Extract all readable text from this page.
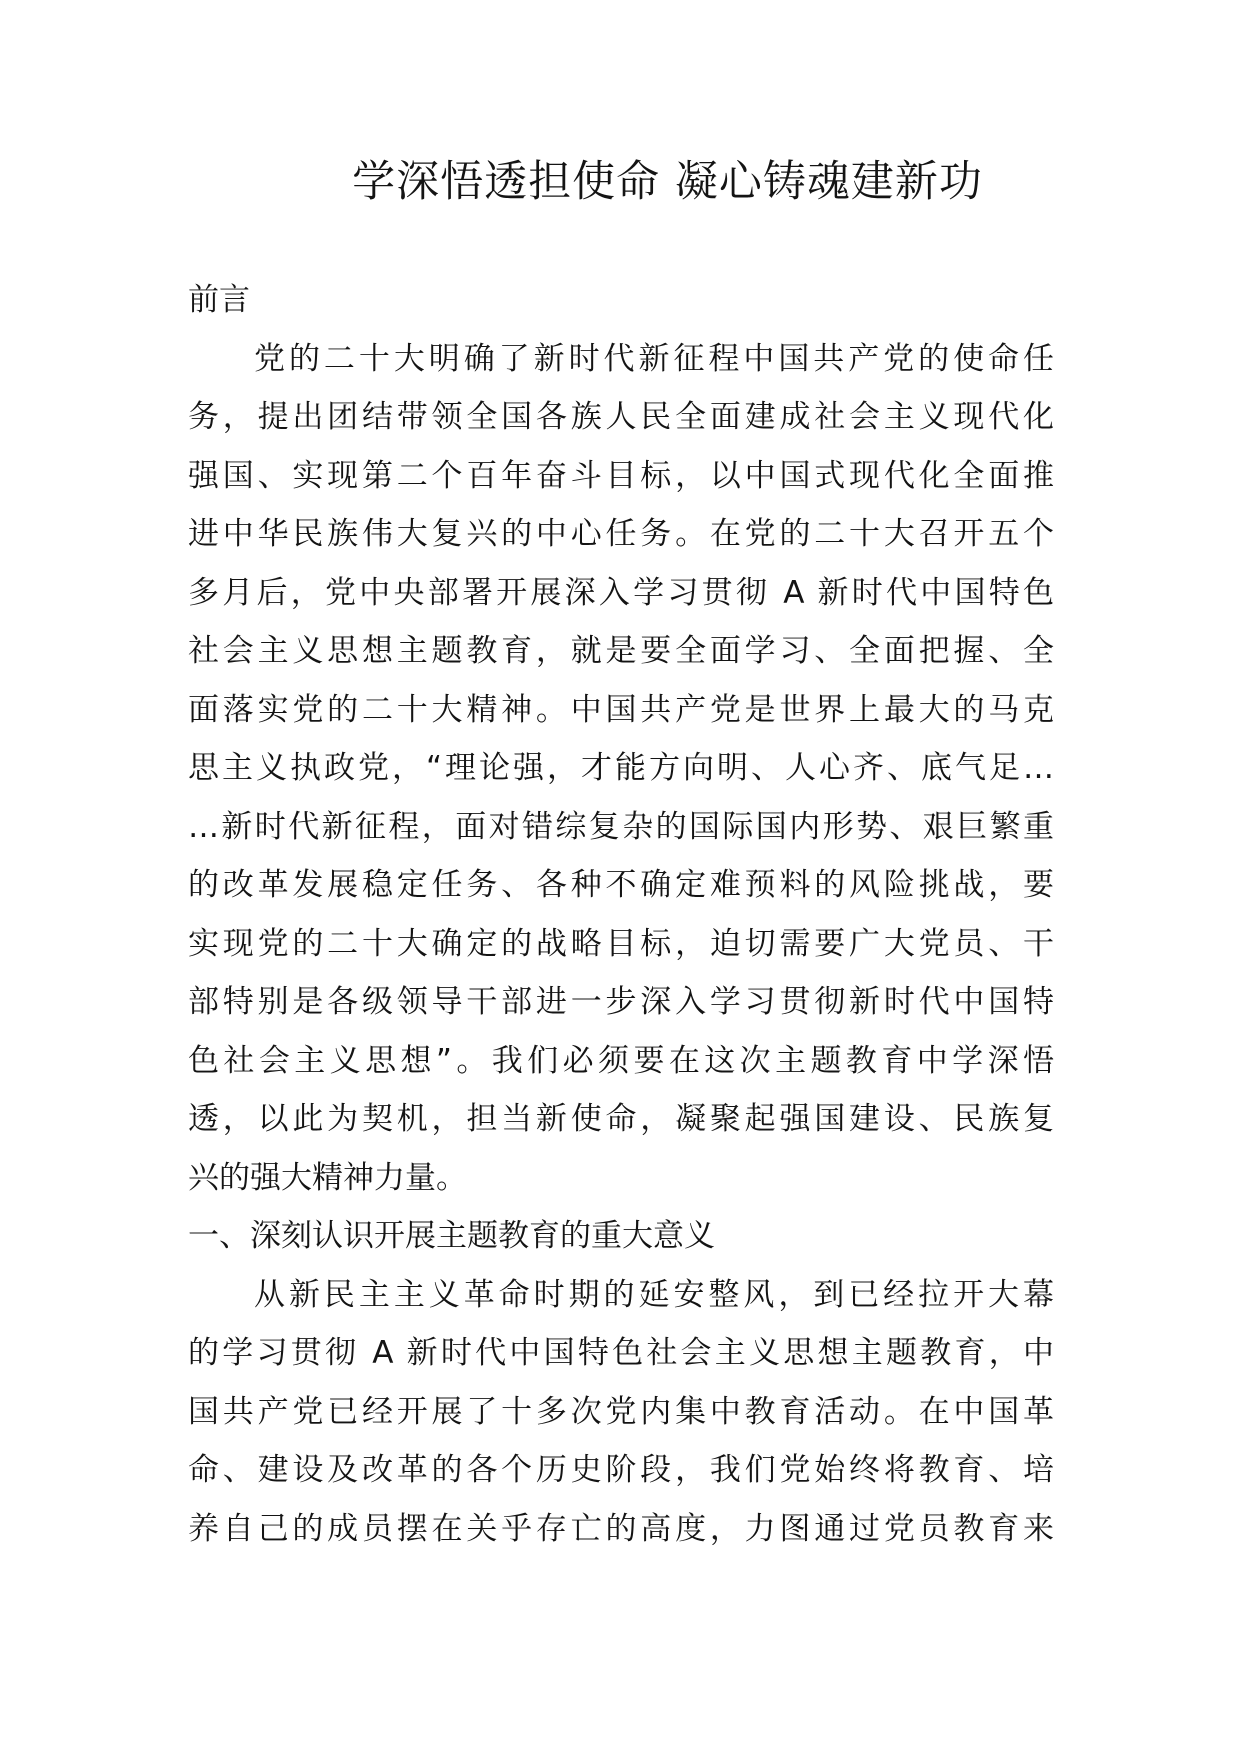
学深悟透担使命 凝心铸魂建新功
前言
党的二十大明确了新时代新征程中国共产党的使命任
务，提出团结带领全国各族人民全面建成社会主义现代化
强国、实现第二个百年奋斗目标，以中国式现代化全面推
进中华民族伟大复兴的中心任务。在党的二十大召开五个
多月后，党中央部署开展深入学习贯彻 A 新时代中国特色
社会主义思想主题教育，就是要全面学习、全面把握、全
面落实党的二十大精神。中国共产党是世界上最大的马克
思主义执政党，“理论强，才能方向明、人心齐、底气足…
…新时代新征程，面对错综复杂的国际国内形势、艰巨繁重
的改革发展稳定任务、各种不确定难预料的风险挑战，要
实现党的二十大确定的战略目标，迫切需要广大党员、干
部特别是各级领导干部进一步深入学习贯彻新时代中国特
色社会主义思想”。我们必须要在这次主题教育中学深悟
透，以此为契机，担当新使命，凝聚起强国建设、民族复
兴的强大精神力量。
一、深刻认识开展主题教育的重大意义
从新民主主义革命时期的延安整风，到已经拉开大幕
的学习贯彻 A 新时代中国特色社会主义思想主题教育，中
国共产党已经开展了十多次党内集中教育活动。在中国革
命、建设及改革的各个历史阶段，我们党始终将教育、培
养自己的成员摆在关乎存亡的高度，力图通过党员教育来
